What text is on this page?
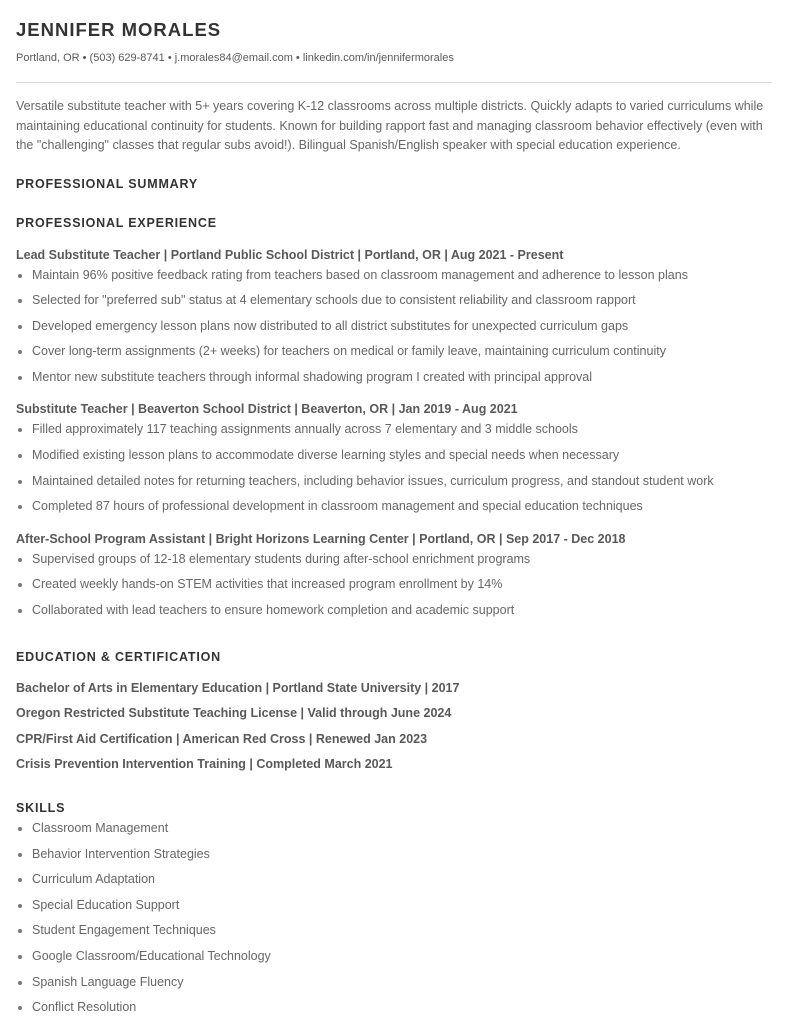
JENNIFER MORALES
Portland, OR • (503) 629-8741 • j.morales84@email.com • linkedin.com/in/jennifermorales
Versatile substitute teacher with 5+ years covering K-12 classrooms across multiple districts. Quickly adapts to varied curriculums while maintaining educational continuity for students. Known for building rapport fast and managing classroom behavior effectively (even with the "challenging" classes that regular subs avoid!). Bilingual Spanish/English speaker with special education experience.
PROFESSIONAL SUMMARY
PROFESSIONAL EXPERIENCE
Lead Substitute Teacher | Portland Public School District | Portland, OR | Aug 2021 - Present
Maintain 96% positive feedback rating from teachers based on classroom management and adherence to lesson plans
Selected for "preferred sub" status at 4 elementary schools due to consistent reliability and classroom rapport
Developed emergency lesson plans now distributed to all district substitutes for unexpected curriculum gaps
Cover long-term assignments (2+ weeks) for teachers on medical or family leave, maintaining curriculum continuity
Mentor new substitute teachers through informal shadowing program I created with principal approval
Substitute Teacher | Beaverton School District | Beaverton, OR | Jan 2019 - Aug 2021
Filled approximately 117 teaching assignments annually across 7 elementary and 3 middle schools
Modified existing lesson plans to accommodate diverse learning styles and special needs when necessary
Maintained detailed notes for returning teachers, including behavior issues, curriculum progress, and standout student work
Completed 87 hours of professional development in classroom management and special education techniques
After-School Program Assistant | Bright Horizons Learning Center | Portland, OR | Sep 2017 - Dec 2018
Supervised groups of 12-18 elementary students during after-school enrichment programs
Created weekly hands-on STEM activities that increased program enrollment by 14%
Collaborated with lead teachers to ensure homework completion and academic support
EDUCATION & CERTIFICATION
Bachelor of Arts in Elementary Education | Portland State University | 2017
Oregon Restricted Substitute Teaching License | Valid through June 2024
CPR/First Aid Certification | American Red Cross | Renewed Jan 2023
Crisis Prevention Intervention Training | Completed March 2021
SKILLS
Classroom Management
Behavior Intervention Strategies
Curriculum Adaptation
Special Education Support
Student Engagement Techniques
Google Classroom/Educational Technology
Spanish Language Fluency
Conflict Resolution
